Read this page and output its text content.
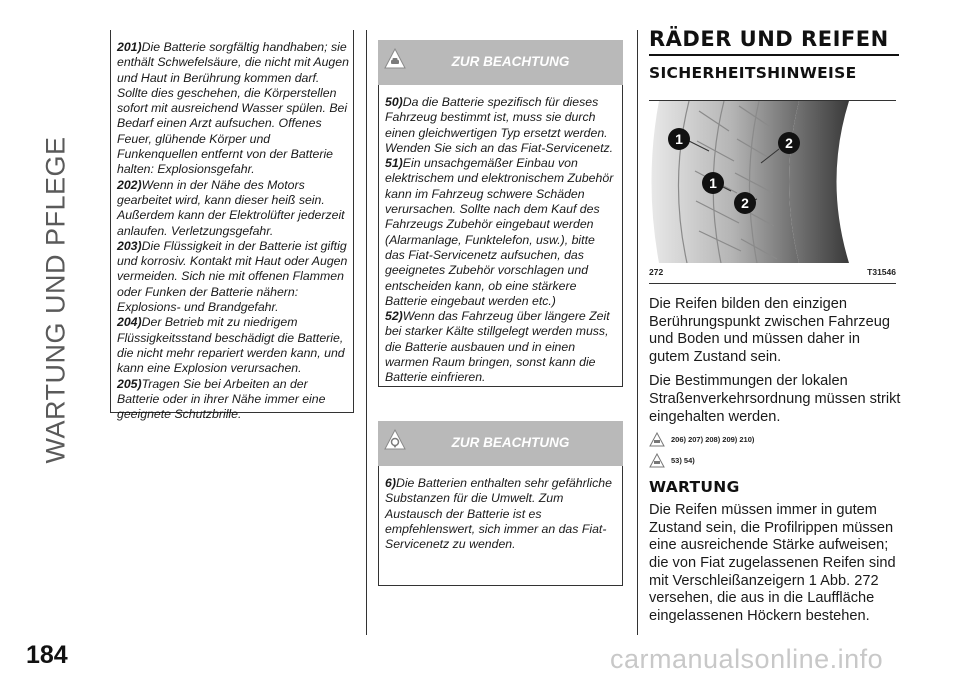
WARTUNG UND PFLEGE
184	carmanualsonline.info
201)Die Batterie sorgfältig handhaben; sie enthält Schwefelsäure, die nicht mit Augen und Haut in Berührung kommen darf. Sollte dies geschehen, die Körperstellen sofort mit ausreichend Wasser spülen. Bei Bedarf einen Arzt aufsuchen. Offenes Feuer, glühende Körper und Funkenquellen entfernt von der Batterie halten: Explosionsgefahr.
202)Wenn in der Nähe des Motors gearbeitet wird, kann dieser heiß sein. Außerdem kann der Elektrolüfter jederzeit anlaufen. Verletzungsgefahr.
203)Die Flüssigkeit in der Batterie ist giftig und korrosiv. Kontakt mit Haut oder Augen vermeiden. Sich nie mit offenen Flammen oder Funken der Batterie nähern: Explosions- und Brandgefahr.
204)Der Betrieb mit zu niedrigem Flüssigkeitsstand beschädigt die Batterie, die nicht mehr repariert werden kann, und kann eine Explosion verursachen.
205)Tragen Sie bei Arbeiten an der Batterie oder in ihrer Nähe immer eine geeignete Schutzbrille.
ZUR BEACHTUNG
50)Da die Batterie spezifisch für dieses Fahrzeug bestimmt ist, muss sie durch einen gleichwertigen Typ ersetzt werden. Wenden Sie sich an das Fiat-Servicenetz.
51)Ein unsachgemäßer Einbau von elektrischem und elektronischem Zubehör kann im Fahrzeug schwere Schäden verursachen. Sollte nach dem Kauf des Fahrzeugs Zubehör eingebaut werden (Alarmanlage, Funktelefon, usw.), bitte das Fiat-Servicenetz aufsuchen, das geeignetes Zubehör vorschlagen und entscheiden kann, ob eine stärkere Batterie eingebaut werden etc.)
52)Wenn das Fahrzeug über längere Zeit bei starker Kälte stillgelegt werden muss, die Batterie ausbauen und in einen warmen Raum bringen, sonst kann die Batterie einfrieren.
ZUR BEACHTUNG
6)Die Batterien enthalten sehr gefährliche Substanzen für die Umwelt. Zum Austausch der Batterie ist es empfehlenswert, sich immer an das Fiat-Servicenetz zu wenden.
RÄDER UND REIFEN
SICHERHEITSHINWEISE
1	2
1
2
272	T31546

Die Reifen bilden den einzigen Berührungspunkt zwischen Fahrzeug und Boden und müssen daher in gutem Zustand sein.

Die Bestimmungen der lokalen Straßenverkehrsordnung müssen strikt eingehalten werden.

206) 207) 208) 209) 210)
53) 54)
WARTUNG

Die Reifen müssen immer in gutem Zustand sein, die Profilrippen müssen eine ausreichende Stärke aufweisen; die von Fiat zugelassenen Reifen sind mit Verschleißanzeigern 1 Abb. 272 versehen, die aus in die Lauffläche eingelassenen Höckern bestehen.
